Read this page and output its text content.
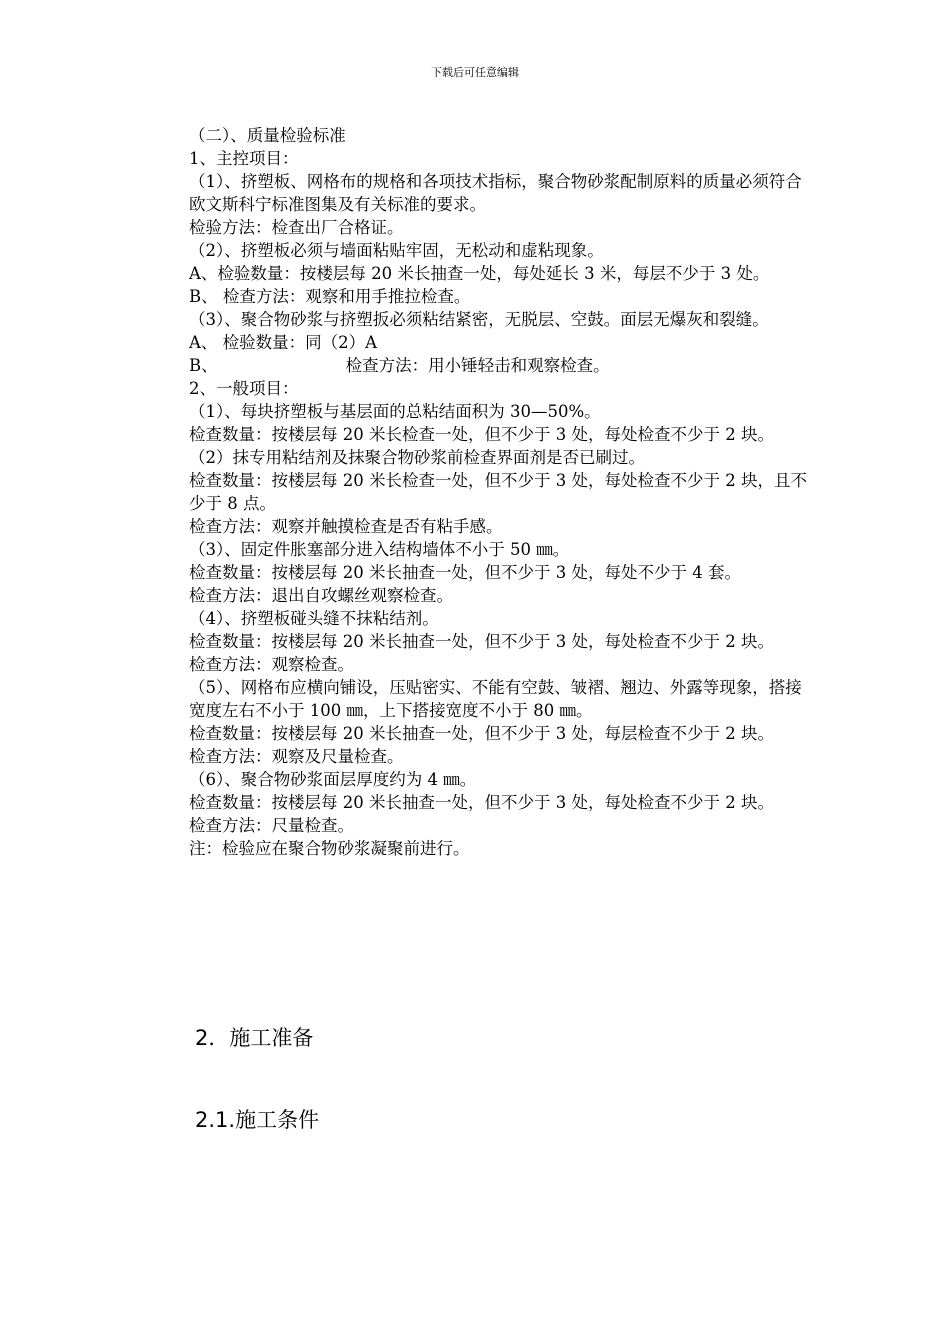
下载后可任意编辑

（二）、质量检验标准

1、主控项目：

（1）、挤塑板、网格布的规格和各项技术指标，聚合物砂浆配制原料的质量必须符合欧文斯科宁标准图集及有关标准的要求。

检验方法：检查出厂合格证。

（2）、挤塑板必须与墙面粘贴牢固，无松动和虚粘现象。

A、检验数量：按楼层每 20 米长抽查一处，每处延长 3 米，每层不少于 3 处。

B、 检查方法：观察和用手推拉检查。

（3）、聚合物砂浆与挤塑扳必须粘结紧密，无脱层、空鼓。面层无爆灰和裂缝。

A、 检验数量：同（2）A

B、	检查方法：用小锤轻击和观察检查。

2、一般项目：

（1）、每块挤塑板与基层面的总粘结面积为 30—50%。

检查数量：按楼层每 20 米长检查一处，但不少于 3 处，每处检查不少于 2 块。

（2）抹专用粘结剂及抹聚合物砂浆前检查界面剂是否已刷过。

检查数量：按楼层每 20 米长检查一处，但不少于 3 处，每处检查不少于 2 块，且不少于 8 点。

检查方法：观察并触摸检查是否有粘手感。

（3）、固定件胀塞部分进入结构墙体不小于 50 ㎜。

检查数量：按楼层每 20 米长抽查一处，但不少于 3 处，每处不少于 4 套。

检查方法：退出自攻螺丝观察检查。

（4）、挤塑板碰头缝不抹粘结剂。

检查数量：按楼层每 20 米长抽查一处，但不少于 3 处，每处检查不少于 2 块。

检查方法：观察检查。

（5）、网格布应横向铺设，压贴密实、不能有空鼓、皱褶、翘边、外露等现象，搭接宽度左右不小于 100 ㎜，上下搭接宽度不小于 80 ㎜。

检查数量：按楼层每 20 米长抽查一处，但不少于 3 处，每层检查不少于 2 块。

检查方法：观察及尺量检查。

（6）、聚合物砂浆面层厚度约为 4 ㎜。

检查数量：按楼层每 20 米长抽查一处，但不少于 3 处，每处检查不少于 2 块。

检查方法：尺量检查。

注：检验应在聚合物砂浆凝聚前进行。

2．施工准备
2.1.施工条件
